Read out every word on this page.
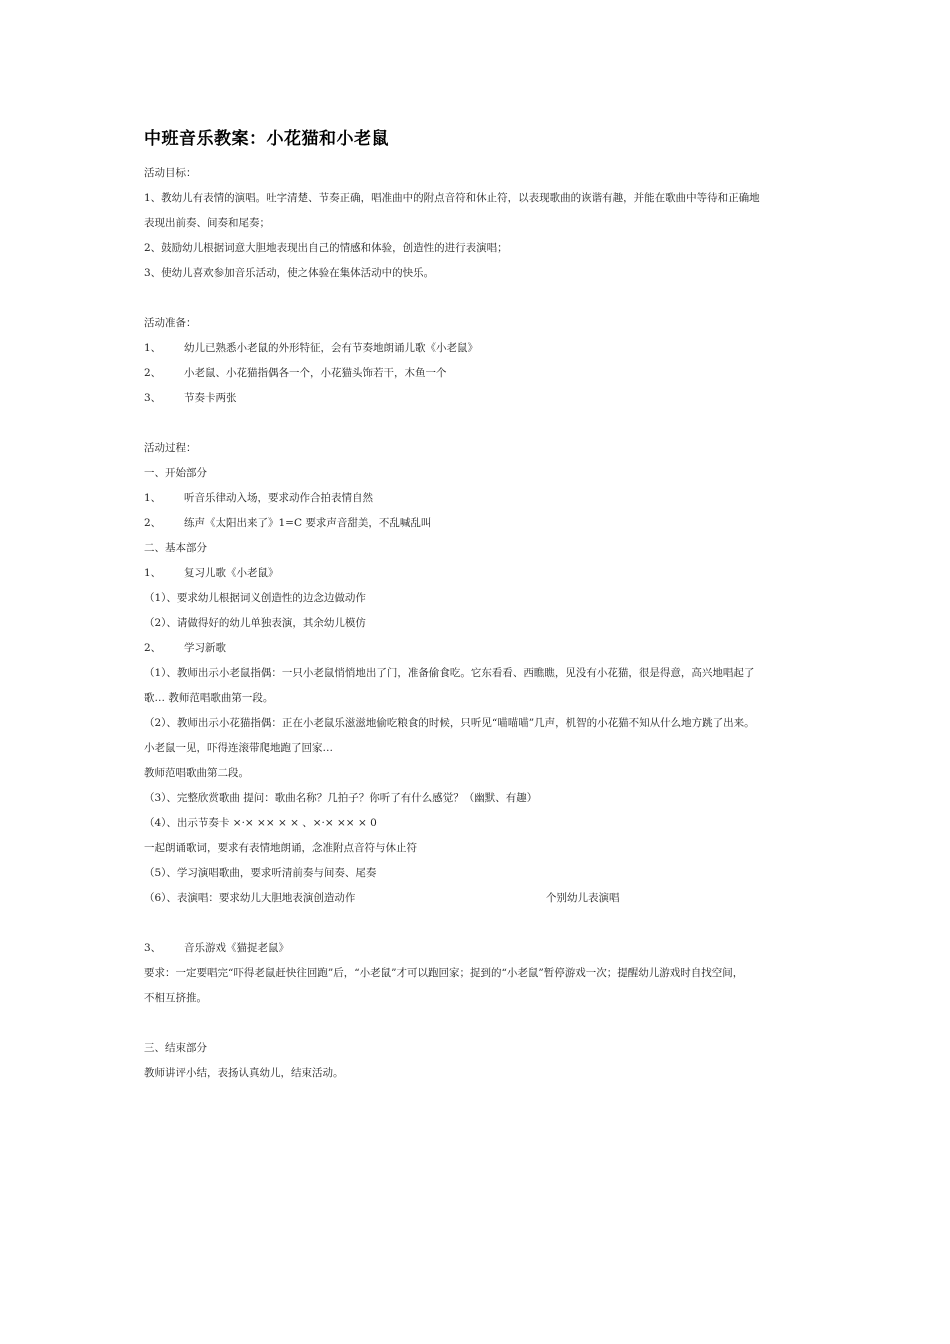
中班音乐教案：小花猫和小老鼠
活动目标：
1、教幼儿有表情的演唱。吐字清楚、节奏正确，唱准曲中的附点音符和休止符，以表现歌曲的诙谐有趣，并能在歌曲中等待和正确地
表现出前奏、间奏和尾奏；
2、鼓励幼儿根据词意大胆地表现出自己的情感和体验，创造性的进行表演唱；
3、使幼儿喜欢参加音乐活动，使之体验在集体活动中的快乐。
活动准备：
1、 幼儿已熟悉小老鼠的外形特征，会有节奏地朗诵儿歌《小老鼠》
2、 小老鼠、小花猫指偶各一个，小花猫头饰若干，木鱼一个
3、 节奏卡两张
活动过程：
一、开始部分
1、 听音乐律动入场，要求动作合拍表情自然
2、 练声《太阳出来了》1=C 要求声音甜美，不乱喊乱叫
二、基本部分
1、 复习儿歌《小老鼠》
（1）、要求幼儿根据词义创造性的边念边做动作
（2）、请做得好的幼儿单独表演，其余幼儿模仿
2、 学习新歌
（1）、教师出示小老鼠指偶：一只小老鼠悄悄地出了门，准备偷食吃。它东看看、西瞧瞧，见没有小花猫，很是得意，高兴地唱起了
歌… 教师范唱歌曲第一段。
（2）、教师出示小花猫指偶：正在小老鼠乐滋滋地偷吃粮食的时候，只听见“喵喵喵”几声，机智的小花猫不知从什么地方跳了出来。
小老鼠一见，吓得连滚带爬地跑了回家…
教师范唱歌曲第二段。
（3）、完整欣赏歌曲 提问：歌曲名称？几拍子？你听了有什么感觉？（幽默、有趣）
（4）、出示节奏卡 ×·× ×× × × 、×·× ×× × 0
一起朗诵歌词，要求有表情地朗诵，念准附点音符与休止符
（5）、学习演唱歌曲，要求听清前奏与间奏、尾奏
（6）、表演唱：要求幼儿大胆地表演创造动作	个别幼儿表演唱
3、 音乐游戏《猫捉老鼠》
要求：一定要唱完“吓得老鼠赶快往回跑”后，“小老鼠”才可以跑回家；捉到的“小老鼠”暂停游戏一次；提醒幼儿游戏时自找空间，
不相互挤推。
三、结束部分
教师讲评小结，表扬认真幼儿，结束活动。
